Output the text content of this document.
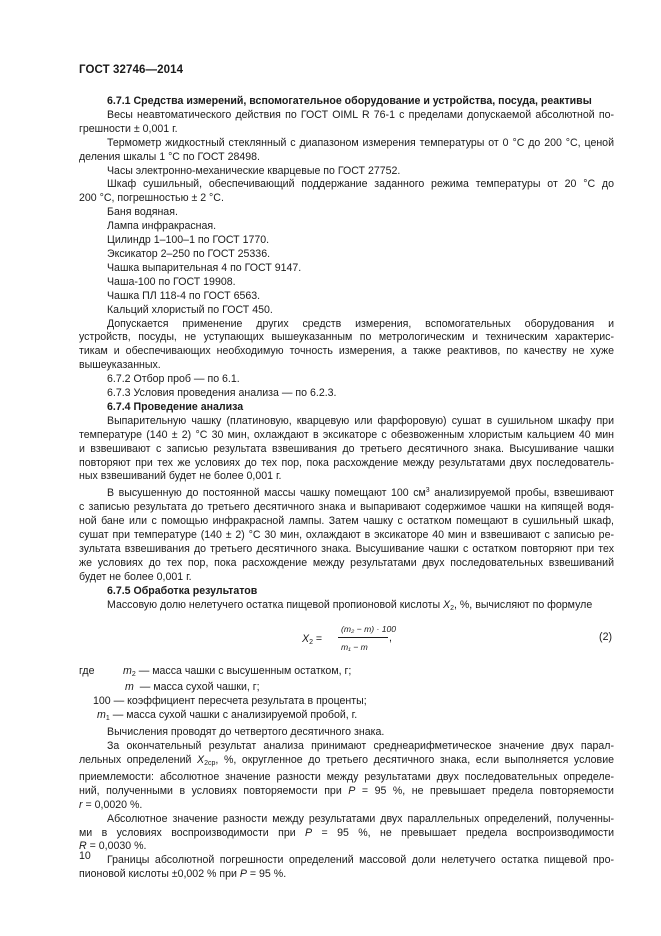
ГОСТ 32746—2014

6.7.1 Средства измерений, вспомогательное оборудование и устройства, посуда, реактивы

Весы неавтоматического действия по ГОСТ OIML R 76-1 с пределами допускаемой абсолютной по-

грешности ± 0,001 г.

Термометр жидкостный стеклянный с диапазоном измерения температуры от 0 °C до 200 °C, ценой

деления шкалы 1 °C по ГОСТ 28498.

Часы электронно-механические кварцевые по ГОСТ 27752.

Шкаф сушильный, обеспечивающий поддержание заданного режима температуры от 20 °C до

200 °C, погрешностью ± 2 °C.

Баня водяная.

Лампа инфракрасная.

Цилиндр 1–100–1 по ГОСТ 1770.

Эксикатор 2–250 по ГОСТ 25336.

Чашка выпарительная 4 по ГОСТ 9147.

Чаша-100 по ГОСТ 19908.

Чашка ПЛ 118-4 по ГОСТ 6563.

Кальций хлористый по ГОСТ 450.

Допускается применение других средств измерения, вспомогательных оборудования и

устройств, посуды, не уступающих вышеуказанным по метрологическим и техническим характерис-

тикам и обеспечивающих необходимую точность измерения, а также реактивов, по качеству не хуже

вышеуказанных.

6.7.2 Отбор проб — по 6.1.

6.7.3 Условия проведения анализа — по 6.2.3.

6.7.4 Проведение анализа

Выпарительную чашку (платиновую, кварцевую или фарфоровую) сушат в сушильном шкафу при

температуре (140 ± 2) °C 30 мин, охлаждают в эксикаторе с обезвоженным хлористым кальцием 40 мин

и взвешивают с записью результата взвешивания до третьего десятичного знака. Высушивание чашки

повторяют при тех же условиях до тех пор, пока расхождение между результатами двух последователь-

ных взвешиваний будет не более 0,001 г.

В высушенную до постоянной массы чашку помещают 100 $см^3$ анализируемой пробы, взвешивают

с записью результата до третьего десятичного знака и выпаривают содержимое чашки на кипящей водя-

ной бане или с помощью инфракрасной лампы. Затем чашку с остатком помещают в сушильный шкаф,

сушат при температуре (140 ± 2) °C 30 мин, охлаждают в эксикаторе 40 мин и взвешивают с записью ре-

зультата взвешивания до третьего десятичного знака. Высушивание чашки с остатком повторяют при тех

же условиях до тех пор, пока расхождение между результатами двух последовательных взвешиваний

будет не более 0,001 г.

6.7.5 Обработка результатов

Массовую долю нелетучего остатка пищевой пропионовой кислоты $X_2$, %, вычисляют по формуле

$X_2$ =
(m₂ − m) · 100
m₁ − m
,	(2)
где	$m_2$ — масса чашки с высушенным остатком, г;
m — масса сухой чашки, г;
100 — коэффициент пересчета результата в проценты;
$m_1$ — масса сухой чашки с анализируемой пробой, г.

Вычисления проводят до четвертого десятичного знака.

За окончательный результат анализа принимают среднеарифметическое значение двух парал-

лельных определений $X_{2ср}$, %, округленное до третьего десятичного знака, если выполняется условие

приемлемости: абсолютное значение разности между результатами двух последовательных определе-

ний, полученными в условиях повторяемости при P = 95 %, не превышает предела повторяемости

r = 0,0020 %.

Абсолютное значение разности между результатами двух параллельных определений, полученны-

ми в условиях воспроизводимости при P = 95 %, не превышает предела воспроизводимости

R = 0,0030 %.

Границы абсолютной погрешности определений массовой доли нелетучего остатка пищевой про-

пионовой кислоты ±0,002 % при P = 95 %.

10
